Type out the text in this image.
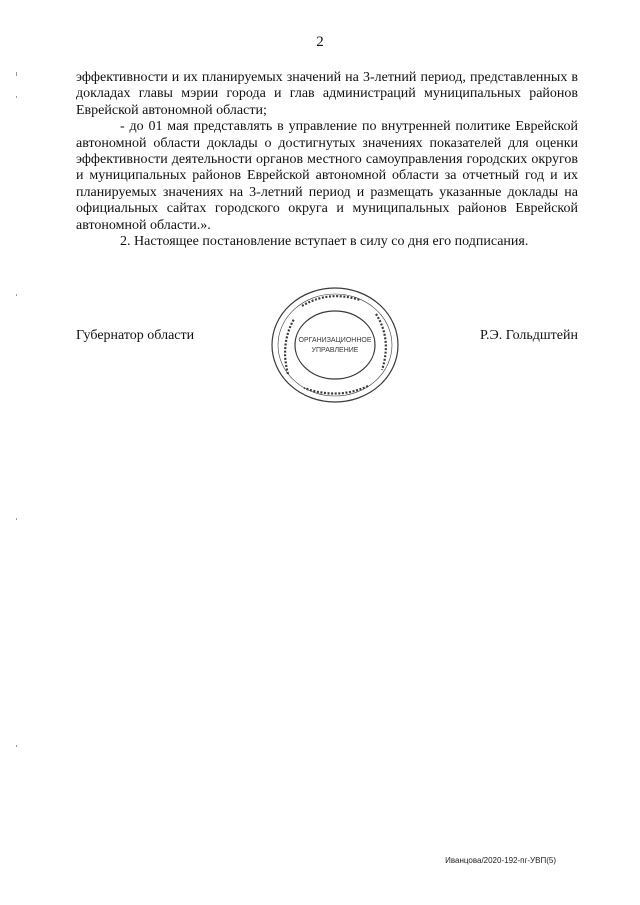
2

эффективности и их планируемых значений на 3-летний период, представленных в докладах главы мэрии города и глав администраций муниципальных районов Еврейской автономной области;

- до 01 мая представлять в управление по внутренней политике Еврейской автономной области доклады о достигнутых значениях показателей для оценки эффективности деятельности органов местного самоуправления городских округов и муниципальных районов Еврейской автономной области за отчетный год и их планируемых значениях на 3-летний период и размещать указанные доклады на официальных сайтах городского округа и муниципальных районов Еврейской автономной области.».

2. Настоящее постановление вступает в силу со дня его подписания.

Губернатор области	ОРГАНИЗАЦИОННОЕ
УПРАВЛЕНИЕ
Р.Э. Гольдштейн
Иванцова/2020-192-пг-УВП(5)
